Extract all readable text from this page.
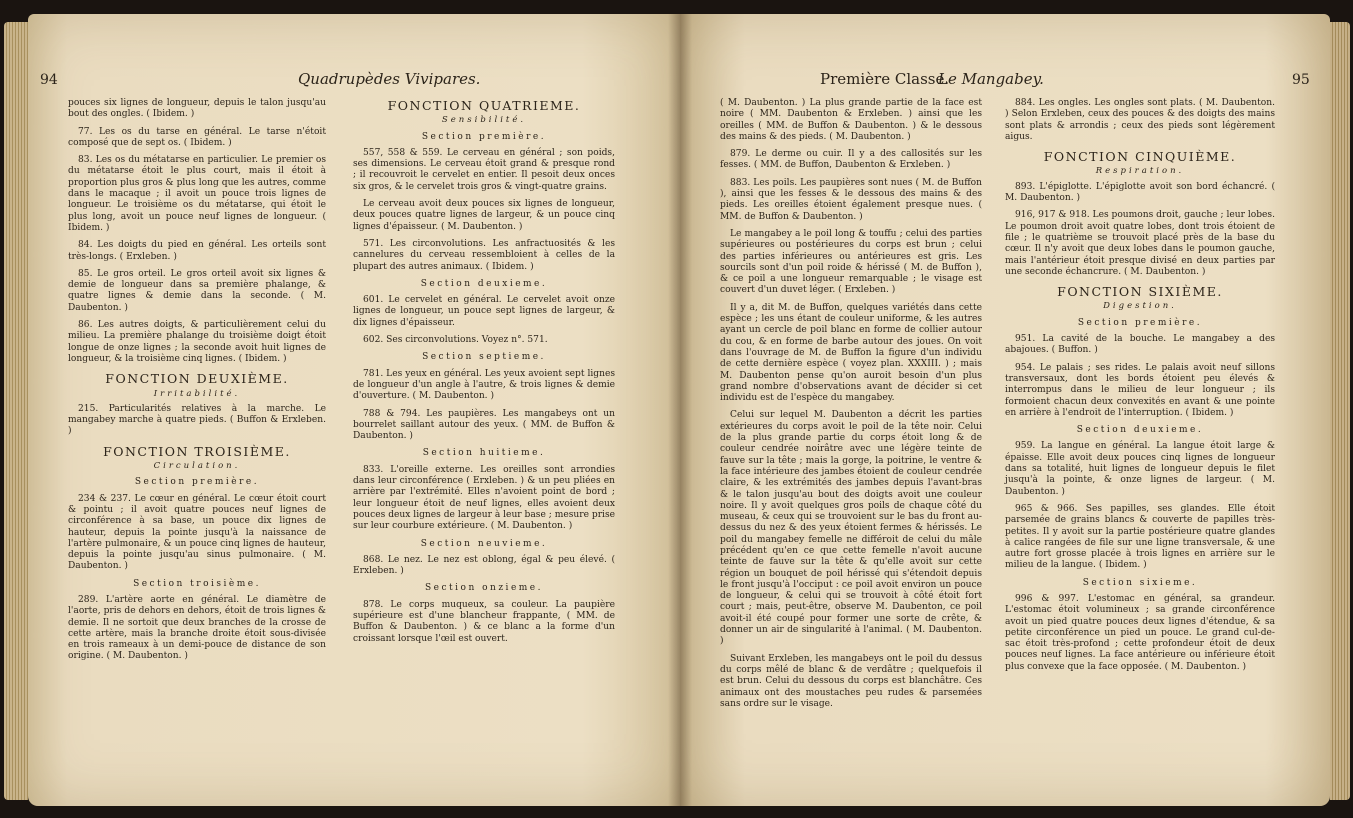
94	Quadrupèdes Vivipares.

pouces six lignes de longueur, depuis le talon jusqu'au bout des ongles. ( Ibidem. )

77. Les os du tarse en général. Le tarse n'étoit composé que de sept os. ( Ibidem. )

83. Les os du métatarse en particulier. Le premier os du métatarse étoit le plus court, mais il étoit à proportion plus gros & plus long que les autres, comme dans le macaque ; il avoit un pouce trois lignes de longueur. Le troisième os du métatarse, qui étoit le plus long, avoit un pouce neuf lignes de longueur. ( Ibidem. )

84. Les doigts du pied en général. Les orteils sont très-longs. ( Erxleben. )

85. Le gros orteil. Le gros orteil avoit six lignes & demie de longueur dans sa première phalange, & quatre lignes & demie dans la seconde. ( M. Daubenton. )

86. Les autres doigts, & particulièrement celui du milieu. La première phalange du troisième doigt étoit longue de onze lignes ; la seconde avoit huit lignes de longueur, & la troisième cinq lignes. ( Ibidem. )

FONCTION DEUXIÈME.
Irritabilité.

215. Particularités relatives à la marche. Le mangabey marche à quatre pieds. ( Buffon & Erxleben. )

FONCTION TROISIÈME.
Circulation.
Section première.

234 & 237. Le cœur en général. Le cœur étoit court & pointu ; il avoit quatre pouces neuf lignes de circonférence à sa base, un pouce dix lignes de hauteur, depuis la pointe jusqu'à la naissance de l'artère pulmonaire, & un pouce cinq lignes de hauteur, depuis la pointe jusqu'au sinus pulmonaire. ( M. Daubenton. )

Section troisième.

289. L'artère aorte en général. Le diamètre de l'aorte, pris de dehors en dehors, étoit de trois lignes & demie. Il ne sortoit que deux branches de la crosse de cette artère, mais la branche droite étoit sous-divisée en trois rameaux à un demi-pouce de distance de son origine. ( M. Daubenton. )

FONCTION QUATRIEME.
Sensibilité.
Section première.

557, 558 & 559. Le cerveau en général ; son poids, ses dimensions. Le cerveau étoit grand & presque rond ; il recouvroit le cervelet en entier. Il pesoit deux onces six gros, & le cervelet trois gros & vingt-quatre grains.

Le cerveau avoit deux pouces six lignes de longueur, deux pouces quatre lignes de largeur, & un pouce cinq lignes d'épaisseur. ( M. Daubenton. )

571. Les circonvolutions. Les anfractuosités & les cannelures du cerveau ressembloient à celles de la plupart des autres animaux. ( Ibidem. )

Section deuxieme.

601. Le cervelet en général. Le cervelet avoit onze lignes de longueur, un pouce sept lignes de largeur, & dix lignes d'épaisseur.

602. Ses circonvolutions. Voyez n°. 571.

Section septieme.

781. Les yeux en général. Les yeux avoient sept lignes de longueur d'un angle à l'autre, & trois lignes & demie d'ouverture. ( M. Daubenton. )

788 & 794. Les paupières. Les mangabeys ont un bourrelet saillant autour des yeux. ( MM. de Buffon & Daubenton. )

Section huitieme.

833. L'oreille externe. Les oreilles sont arrondies dans leur circonférence ( Erxleben. ) & un peu pliées en arrière par l'extrémité. Elles n'avoient point de bord ; leur longueur étoit de neuf lignes, elles avoient deux pouces deux lignes de largeur à leur base ; mesure prise sur leur courbure extérieure. ( M. Daubenton. )

Section neuvieme.

868. Le nez. Le nez est oblong, égal & peu élevé. ( Erxleben. )

Section onzieme.

878. Le corps muqueux, sa couleur. La paupière supérieure est d'une blancheur frappante, ( MM. de Buffon & Daubenton. ) & ce blanc a la forme d'un croissant lorsque l'œil est ouvert.

Première Classe.
Le Mangabey.	95

( M. Daubenton. ) La plus grande partie de la face est noire ( MM. Daubenton & Erxleben. ) ainsi que les oreilles ( MM. de Buffon & Daubenton. ) & le dessous des mains & des pieds. ( M. Daubenton. )

879. Le derme ou cuir. Il y a des callosités sur les fesses. ( MM. de Buffon, Daubenton & Erxleben. )

883. Les poils. Les paupières sont nues ( M. de Buffon ), ainsi que les fesses & le dessous des mains & des pieds. Les oreilles étoient également presque nues. ( MM. de Buffon & Daubenton. )

Le mangabey a le poil long & touffu ; celui des parties supérieures ou postérieures du corps est brun ; celui des parties inférieures ou antérieures est gris. Les sourcils sont d'un poil roide & hérissé ( M. de Buffon ), & ce poil a une longueur remarquable ; le visage est couvert d'un duvet léger. ( Erxleben. )

Il y a, dit M. de Buffon, quelques variétés dans cette espèce ; les uns étant de couleur uniforme, & les autres ayant un cercle de poil blanc en forme de collier autour du cou, & en forme de barbe autour des joues. On voit dans l'ouvrage de M. de Buffon la figure d'un individu de cette dernière espèce ( voyez plan. XXXIII. ) ; mais M. Daubenton pense qu'on auroit besoin d'un plus grand nombre d'observations avant de décider si cet individu est de l'espèce du mangabey.

Celui sur lequel M. Daubenton a décrit les parties extérieures du corps avoit le poil de la tête noir. Celui de la plus grande partie du corps étoit long & de couleur cendrée noirâtre avec une légère teinte de fauve sur la tête ; mais la gorge, la poitrine, le ventre & la face intérieure des jambes étoient de couleur cendrée claire, & les extrémités des jambes depuis l'avant-bras & le talon jusqu'au bout des doigts avoit une couleur noire. Il y avoit quelques gros poils de chaque côté du museau, & ceux qui se trouvoient sur le bas du front au-dessus du nez & des yeux étoient fermes & hérissés. Le poil du mangabey femelle ne différoit de celui du mâle précédent qu'en ce que cette femelle n'avoit aucune teinte de fauve sur la tête & qu'elle avoit sur cette région un bouquet de poil hérissé qui s'étendoit depuis le front jusqu'à l'occiput : ce poil avoit environ un pouce de longueur, & celui qui se trouvoit à côté étoit fort court ; mais, peut-être, observe M. Daubenton, ce poil avoit-il été coupé pour former une sorte de crête, & donner un air de singularité à l'animal. ( M. Daubenton. )

Suivant Erxleben, les mangabeys ont le poil du dessus du corps mêlé de blanc & de verdâtre ; quelquefois il est brun. Celui du dessous du corps est blanchâtre. Ces animaux ont des moustaches peu rudes & parsemées sans ordre sur le visage.

884. Les ongles. Les ongles sont plats. ( M. Daubenton. ) Selon Erxleben, ceux des pouces & des doigts des mains sont plats & arrondis ; ceux des pieds sont légèrement aigus.

FONCTION CINQUIÈME.
Respiration.

893. L'épiglotte. L'épiglotte avoit son bord échancré. ( M. Daubenton. )

916, 917 & 918. Les poumons droit, gauche ; leur lobes. Le poumon droit avoit quatre lobes, dont trois étoient de file ; le quatrième se trouvoit placé près de la base du cœur. Il n'y avoit que deux lobes dans le poumon gauche, mais l'antérieur étoit presque divisé en deux parties par une seconde échancrure. ( M. Daubenton. )

FONCTION SIXIÈME.
Digestion.
Section première.

951. La cavité de la bouche. Le mangabey a des abajoues. ( Buffon. )

954. Le palais ; ses rides. Le palais avoit neuf sillons transversaux, dont les bords étoient peu élevés & interrompus dans le milieu de leur longueur ; ils formoient chacun deux convexités en avant & une pointe en arrière à l'endroit de l'interruption. ( Ibidem. )

Section deuxieme.

959. La langue en général. La langue étoit large & épaisse. Elle avoit deux pouces cinq lignes de longueur dans sa totalité, huit lignes de longueur depuis le filet jusqu'à la pointe, & onze lignes de largeur. ( M. Daubenton. )

965 & 966. Ses papilles, ses glandes. Elle étoit parsemée de grains blancs & couverte de papilles très-petites. Il y avoit sur la partie postérieure quatre glandes à calice rangées de file sur une ligne transversale, & une autre fort grosse placée à trois lignes en arrière sur le milieu de la langue. ( Ibidem. )

Section sixieme.

996 & 997. L'estomac en général, sa grandeur. L'estomac étoit volumineux ; sa grande circonférence avoit un pied quatre pouces deux lignes d'étendue, & sa petite circonférence un pied un pouce. Le grand cul-de-sac étoit très-profond ; cette profondeur étoit de deux pouces neuf lignes. La face antérieure ou inférieure étoit plus convexe que la face opposée. ( M. Daubenton. )
